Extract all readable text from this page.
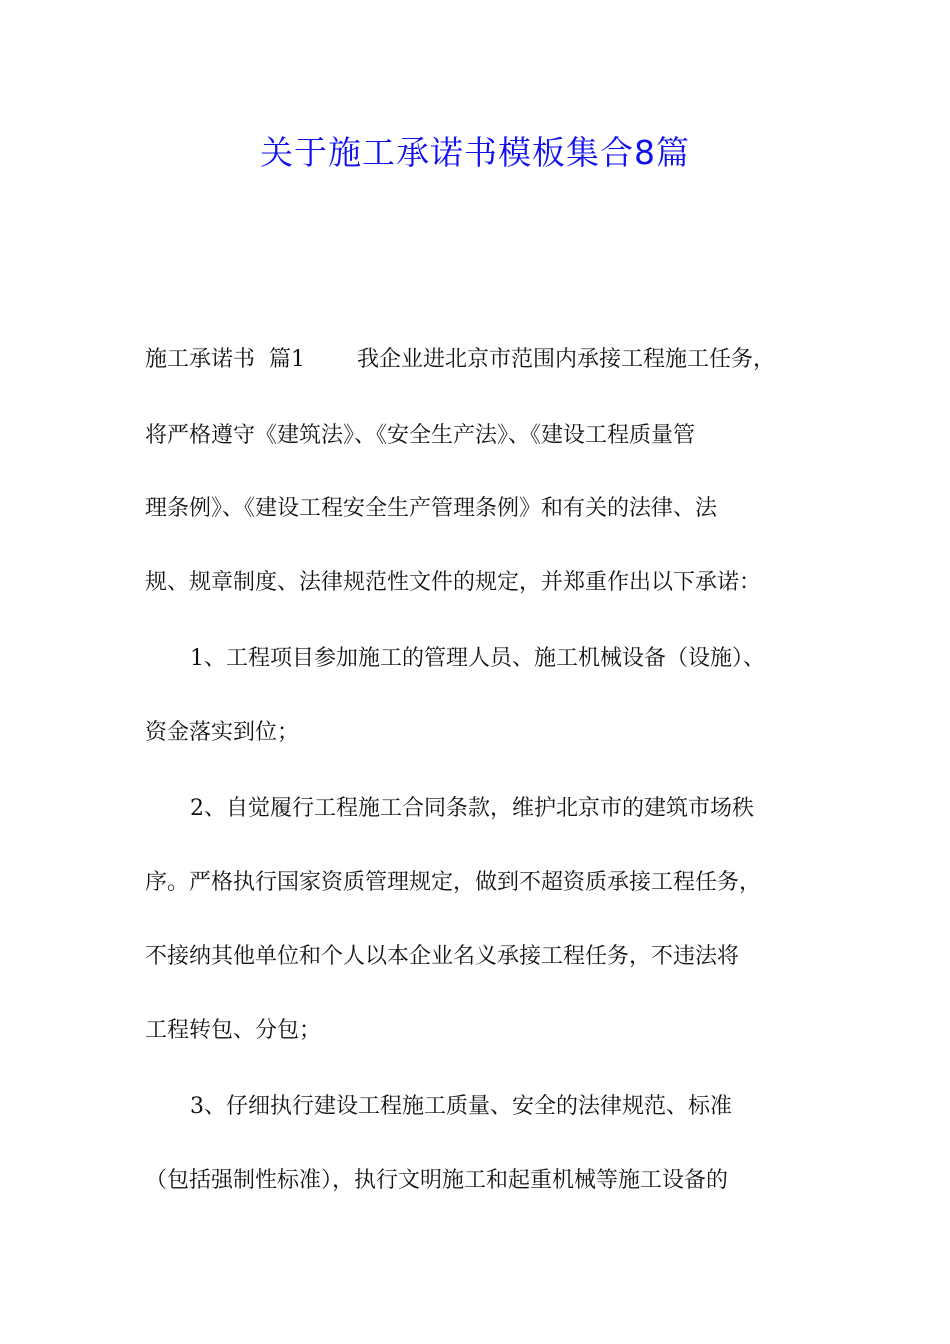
关于施工承诺书模板集合8篇

施工承诺书  篇1 我企业进北京市范围内承接工程施工任务，

将严格遵守《建筑法》、《安全生产法》、《建设工程质量管

理条例》、《建设工程安全生产管理条例》和有关的法律、法

规、规章制度、法律规范性文件的规定，并郑重作出以下承诺：

1、工程项目参加施工的管理人员、施工机械设备（设施）、

资金落实到位；

2、自觉履行工程施工合同条款，维护北京市的建筑市场秩

序。严格执行国家资质管理规定，做到不超资质承接工程任务，

不接纳其他单位和个人以本企业名义承接工程任务，不违法将

工程转包、分包；

3、仔细执行建设工程施工质量、安全的法律规范、标准

（包括强制性标准），执行文明施工和起重机械等施工设备的
